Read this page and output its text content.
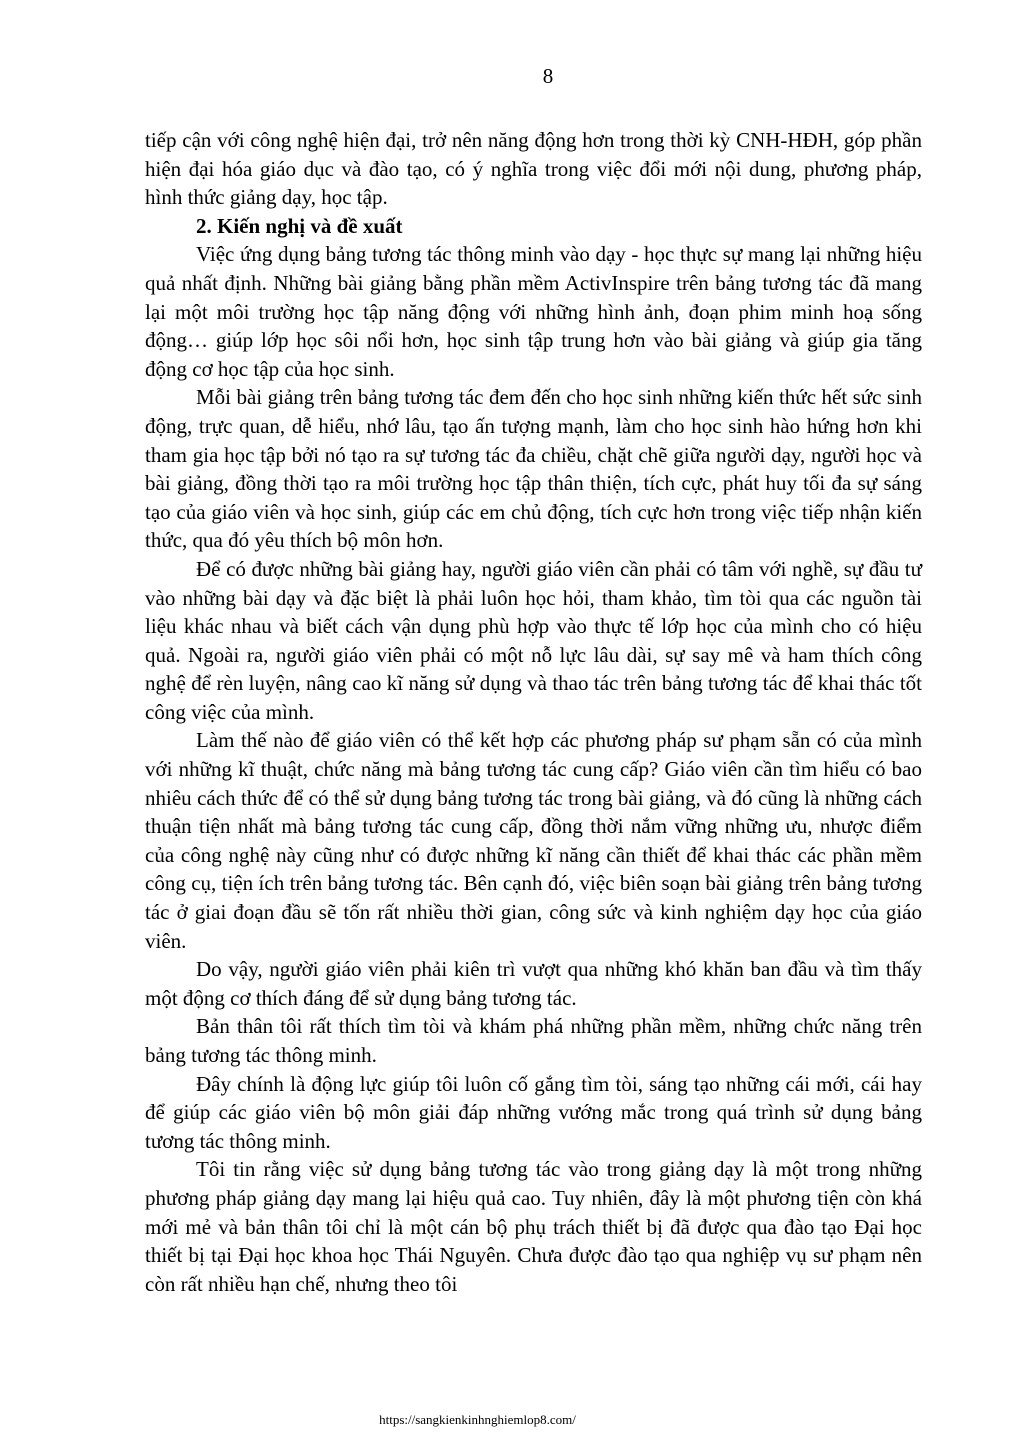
8

tiếp cận với công nghệ hiện đại, trở nên năng động hơn trong thời kỳ CNH-HĐH, góp phần hiện đại hóa giáo dục và đào tạo, có ý nghĩa trong việc đổi mới nội dung, phương pháp, hình thức giảng dạy, học tập.

2. Kiến nghị và đề xuất

Việc ứng dụng bảng tương tác thông minh vào dạy - học thực sự mang lại những hiệu quả nhất định. Những bài giảng bằng phần mềm ActivInspire trên bảng tương tác đã mang lại một môi trường học tập năng động với những hình ảnh, đoạn phim minh hoạ sống động… giúp lớp học sôi nổi hơn, học sinh tập trung hơn vào bài giảng và giúp gia tăng động cơ học tập của học sinh.

Mỗi bài giảng trên bảng tương tác đem đến cho học sinh những kiến thức hết sức sinh động, trực quan, dễ hiểu, nhớ lâu, tạo ấn tượng mạnh, làm cho học sinh hào hứng hơn khi tham gia học tập bởi nó tạo ra sự tương tác đa chiều, chặt chẽ giữa người dạy, người học và bài giảng, đồng thời tạo ra môi trường học tập thân thiện, tích cực, phát huy tối đa sự sáng tạo của giáo viên và học sinh, giúp các em chủ động, tích cực hơn trong việc tiếp nhận kiến thức, qua đó yêu thích bộ môn hơn.

Để có được những bài giảng hay, người giáo viên cần phải có tâm với nghề, sự đầu tư vào những bài dạy và đặc biệt là phải luôn học hỏi, tham khảo, tìm tòi qua các nguồn tài liệu khác nhau và biết cách vận dụng phù hợp vào thực tế lớp học của mình cho có hiệu quả. Ngoài ra, người giáo viên phải có một nỗ lực lâu dài, sự say mê và ham thích công nghệ để rèn luyện, nâng cao kĩ năng sử dụng và thao tác trên bảng tương tác để khai thác tốt công việc của mình.

Làm thế nào để giáo viên có thể kết hợp các phương pháp sư phạm sẵn có của mình với những kĩ thuật, chức năng mà bảng tương tác cung cấp? Giáo viên cần tìm hiểu có bao nhiêu cách thức để có thể sử dụng bảng tương tác trong bài giảng, và đó cũng là những cách thuận tiện nhất mà bảng tương tác cung cấp, đồng thời nắm vững những ưu, nhược điểm của công nghệ này cũng như có được những kĩ năng cần thiết để khai thác các phần mềm công cụ, tiện ích trên bảng tương tác. Bên cạnh đó, việc biên soạn bài giảng trên bảng tương tác ở giai đoạn đầu sẽ tốn rất nhiều thời gian, công sức và kinh nghiệm dạy học của giáo viên.

Do vậy, người giáo viên phải kiên trì vượt qua những khó khăn ban đầu và tìm thấy một động cơ thích đáng để sử dụng bảng tương tác.

Bản thân tôi rất thích tìm tòi và khám phá những phần mềm, những chức năng trên bảng tương tác thông minh.

Đây chính là động lực giúp tôi luôn cố gắng tìm tòi, sáng tạo những cái mới, cái hay để giúp các giáo viên bộ môn giải đáp những vướng mắc trong quá trình sử dụng bảng tương tác thông minh.

Tôi tin rằng việc sử dụng bảng tương tác vào trong giảng dạy là một trong những phương pháp giảng dạy mang lại hiệu quả cao. Tuy nhiên, đây là một phương tiện còn khá mới mẻ và bản thân tôi chỉ là một cán bộ phụ trách thiết bị đã được qua đào tạo Đại học thiết bị tại Đại học khoa học Thái Nguyên. Chưa được đào tạo qua nghiệp vụ sư phạm nên còn rất nhiều hạn chế, nhưng theo tôi

https://sangkienkinhnghiemlop8.com/
